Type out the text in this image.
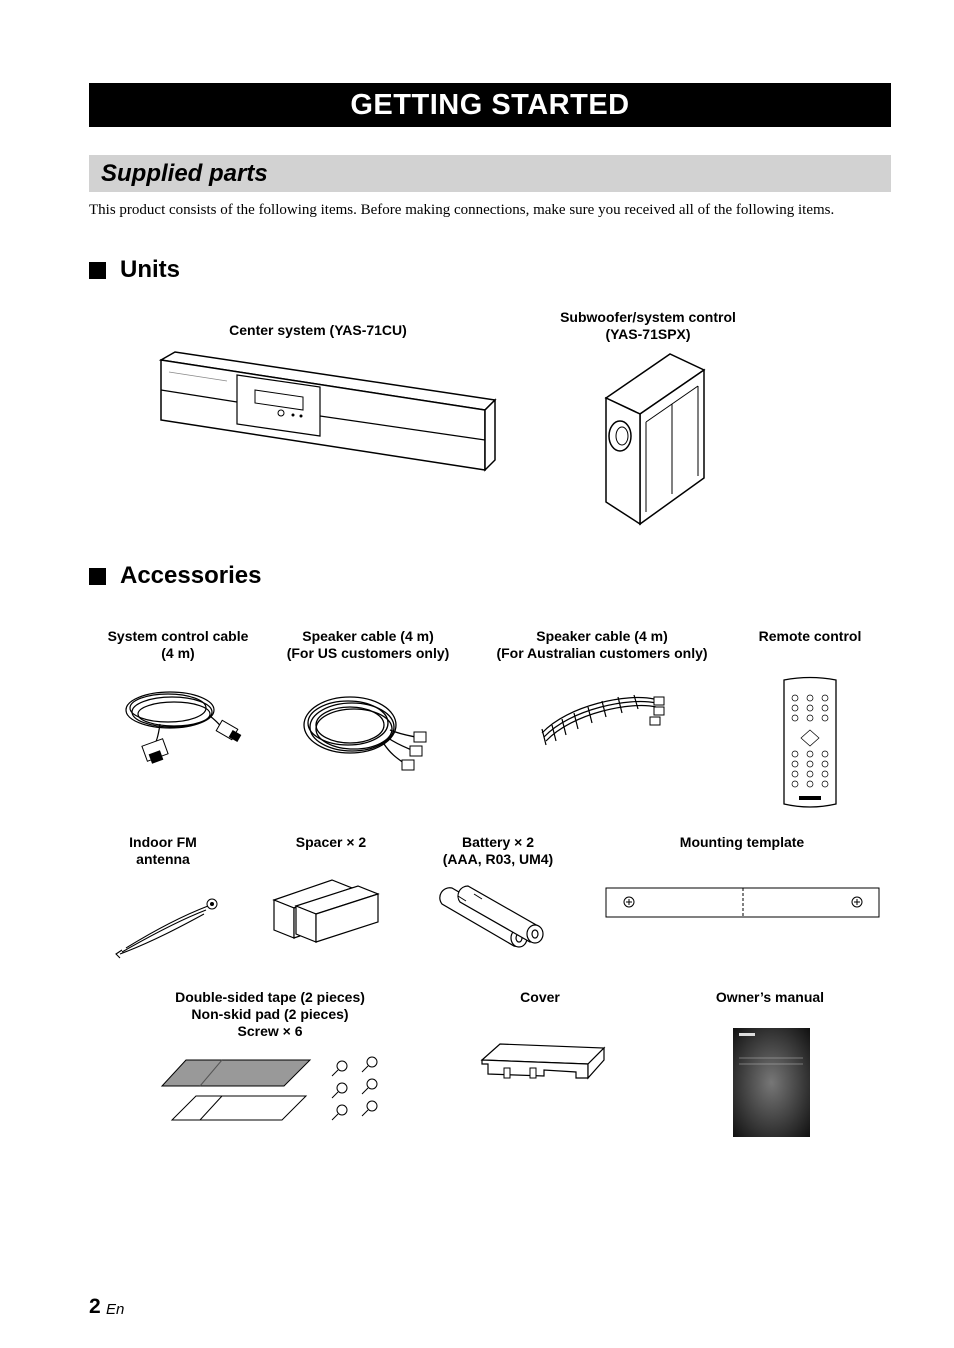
GETTING STARTED
Supplied parts
This product consists of the following items. Before making connections, make sure you received all of the following items.
Units
Center system (YAS-71CU)
Subwoofer/system control
(YAS-71SPX)
Accessories
System control cable
(4 m)
Speaker cable (4 m)
(For US customers only)
Speaker cable (4 m)
(For Australian customers only)
Remote control
Indoor FM
antenna
Spacer × 2	Battery × 2
(AAA, R03, UM4)
Mounting template
Double-sided tape (2 pieces)
Non-skid pad (2 pieces)
Screw × 6
Cover	Owner’s manual
2 En
